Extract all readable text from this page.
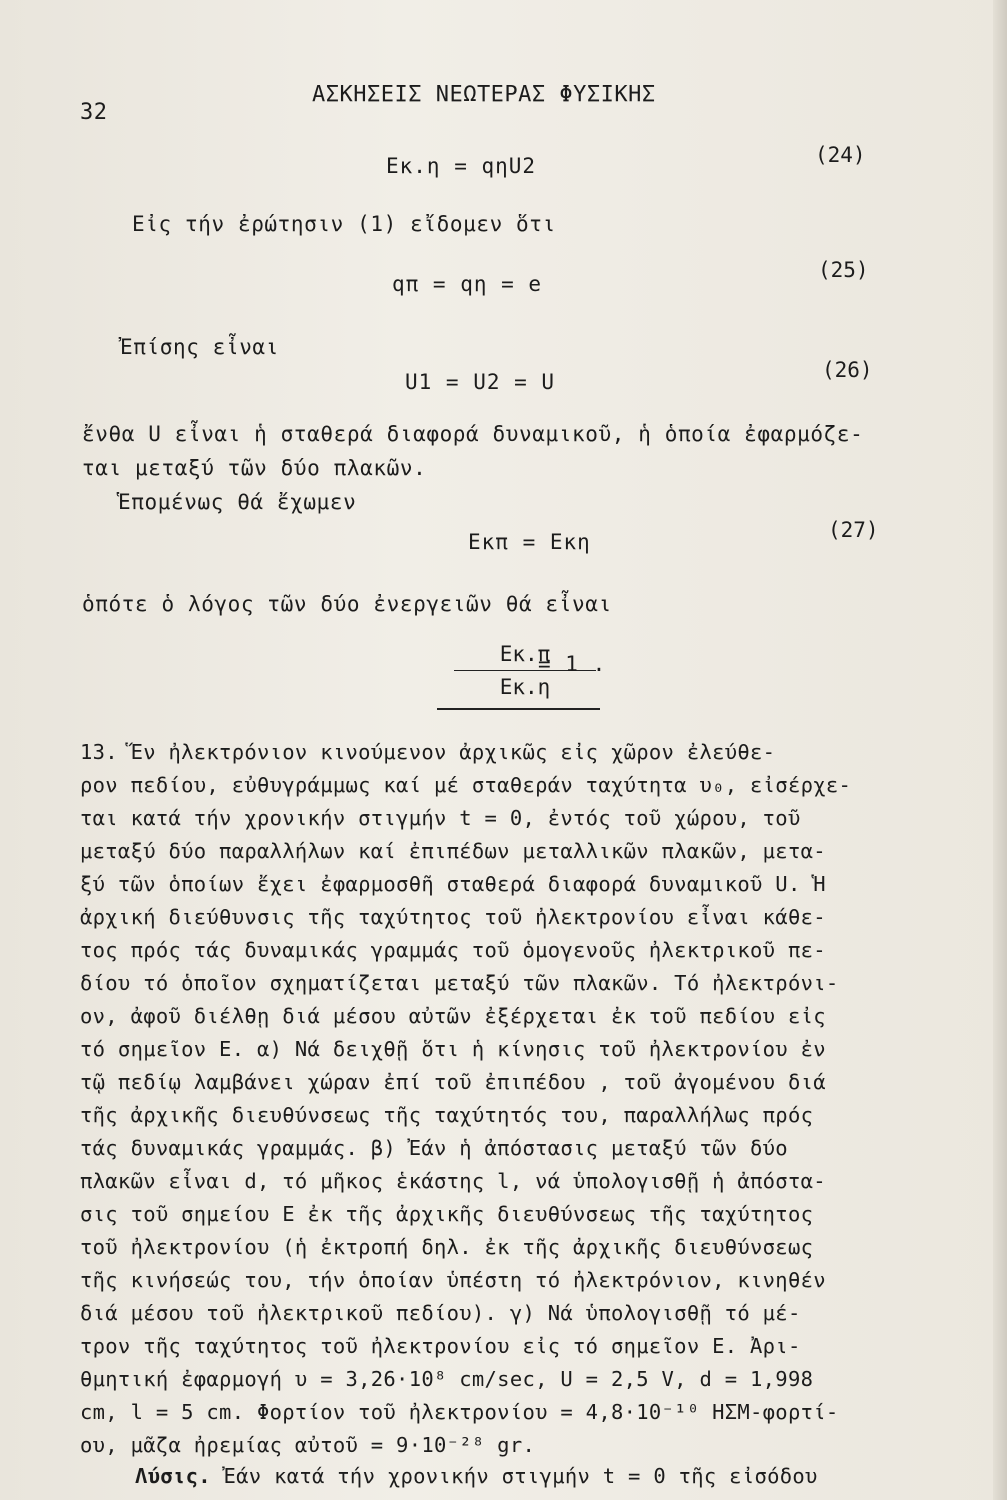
32
ΑΣΚΗΣΕΙΣ ΝΕΩΤΕΡΑΣ ΦΥΣΙΚΗΣ
Eκ.η = qηU2	(24)
Εἰς τήν ἐρώτησιν (1) εἴδομεν ὅτι
qπ = qη = e
(25)
Ἐπίσης εἶναι
U1 = U2 = U	(26)
ἔνθα U εἶναι ἡ σταθερά διαφορά δυναμικοῦ, ἡ ὁποία ἐφαρμόζε-
ται μεταξύ τῶν δύο πλακῶν.
Ἑπομένως θά ἔχωμεν
Eκπ = Eκη	(27)
ὁπότε ὁ λόγος τῶν δύο ἐνεργειῶν θά εἶναι
Eκ.π
Eκ.η
= 1 .
13. Ἕν ἠλεκτρόνιον κινούμενον ἀρχικῶς εἰς χῶρον ἐλεύθε-
ρον πεδίου, εὐθυγράμμως καί μέ σταθεράν ταχύτητα υ₀, εἰσέρχε-
ται κατά τήν χρονικήν στιγμήν t = 0, ἐντός τοῦ χώρου, τοῦ
μεταξύ δύο παραλλήλων καί ἐπιπέδων μεταλλικῶν πλακῶν, μετα-
ξύ τῶν ὁποίων ἔχει ἐφαρμοσθῆ σταθερά διαφορά δυναμικοῦ U. Ἡ
ἀρχική διεύθυνσις τῆς ταχύτητος τοῦ ἠλεκτρονίου εἶναι κάθε-
τος πρός τάς δυναμικάς γραμμάς τοῦ ὁμογενοῦς ἠλεκτρικοῦ πε-
δίου τό ὁποῖον σχηματίζεται μεταξύ τῶν πλακῶν. Τό ἠλεκτρόνι-
ον, ἀφοῦ διέλθῃ διά μέσου αὐτῶν ἐξέρχεται ἐκ τοῦ πεδίου εἰς
τό σημεῖον Ε. α) Νά δειχθῇ ὅτι ἡ κίνησις τοῦ ἠλεκτρονίου ἐν
τῷ πεδίῳ λαμβάνει χώραν ἐπί τοῦ ἐπιπέδου , τοῦ ἀγομένου διά
τῆς ἀρχικῆς διευθύνσεως τῆς ταχύτητός του, παραλλήλως πρός
τάς δυναμικάς γραμμάς. β) Ἐάν ἡ ἀπόστασις μεταξύ τῶν δύο
πλακῶν εἶναι d, τό μῆκος ἑκάστης l, νά ὑπολογισθῇ ἡ ἀπόστα-
σις τοῦ σημείου Ε ἐκ τῆς ἀρχικῆς διευθύνσεως τῆς ταχύτητος
τοῦ ἠλεκτρονίου (ἡ ἐκτροπή δηλ. ἐκ τῆς ἀρχικῆς διευθύνσεως
τῆς κινήσεώς του, τήν ὁποίαν ὑπέστη τό ἠλεκτρόνιον, κινηθέν
διά μέσου τοῦ ἠλεκτρικοῦ πεδίου). γ) Νά ὑπολογισθῇ τό μέ-
τρον τῆς ταχύτητος τοῦ ἠλεκτρονίου εἰς τό σημεῖον Ε. Ἀρι-
θμητική ἐφαρμογή υ = 3,26·10⁸ cm/sec, U = 2,5 V, d = 1,998
cm, l = 5 cm. Φορτίον τοῦ ἠλεκτρονίου = 4,8·10⁻¹⁰ ΗΣΜ-φορτί-
ου, μᾶζα ἠρεμίας αὐτοῦ = 9·10⁻²⁸ gr.
Λύσις. Ἐάν κατά τήν χρονικήν στιγμήν t = 0 τῆς εἰσόδου
